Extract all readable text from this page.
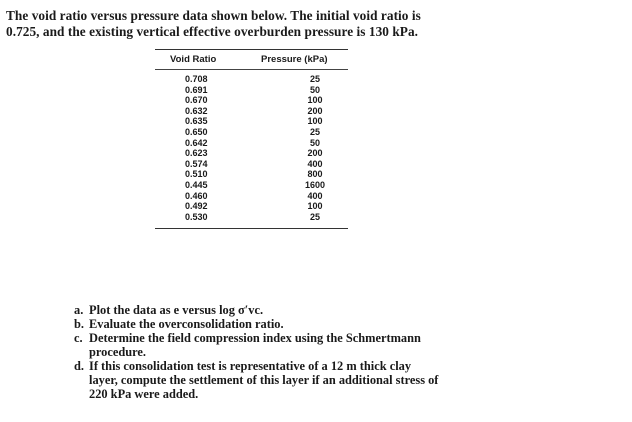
The void ratio versus pressure data shown below. The initial void ratio is
0.725, and the existing vertical effective overburden pressure is 130 kPa.
Void Ratio	Pressure (kPa)
0.708	25
0.691	50
0.670	100
0.632	200
0.635	100
0.650	25
0.642	50
0.623	200
0.574	400
0.510	800
0.445	1600
0.460	400
0.492	100
0.530	25
a. Plot the data as e versus log σ′vc.
b. Evaluate the overconsolidation ratio.
c. Determine the field compression index using the Schmertmann
procedure.
d. If this consolidation test is representative of a 12 m thick clay
layer, compute the settlement of this layer if an additional stress of
220 kPa were added.
